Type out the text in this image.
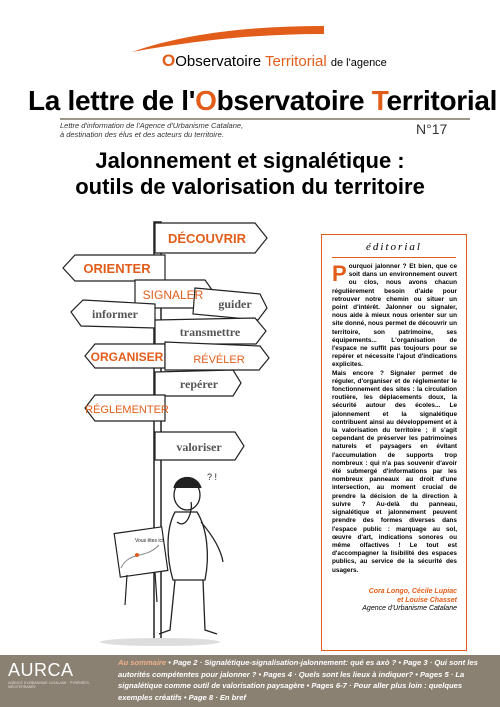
OObservatoire Territorial de l'agence
La lettre de l'Observatoire Territorial
Lettre d'information de l'Agence d'Urbanisme Catalane,
à destination des élus et des acteurs du territoire.	N°17
Jalonnement et signalétique :
outils de valorisation du territoire
DÉCOUVRIR
ORIENTER
SIGNALER
guider
informer
transmettre
ORGANISER	RÉVÉLER
repérer
RÉGLEMENTER
valoriser
? !
Vous êtes ici
éditorial
P ourquoi jalonner ? Et bien, que ce soit dans un environnement ouvert ou clos, nous avons chacun régulièrement besoin d'aide pour retrouver notre chemin ou situer un point d'intérêt. Jalonner ou signaler, nous aide à mieux nous orienter sur un site donné, nous permet de découvrir un territoire, son patrimoine, ses équipements... L'organisation de l'espace ne suffit pas toujours pour se repérer et nécessite l'ajout d'indications explicites.

Mais encore ? Signaler permet de réguler, d'organiser et de réglementer le fonctionnement des sites : la circulation routière, les déplacements doux, la sécurité autour des écoles... Le jalonnement et la signalétique contribuent ainsi au développement et à la valorisation du territoire ; il s'agit cependant de préserver les patrimoines naturels et paysagers en évitant l'accumulation de supports trop nombreux : qui n'a pas souvenir d'avoir été submergé d'informations par les nombreux panneaux au droit d'une intersection, au moment crucial de prendre la décision de la direction à suivre ? Au-delà du panneau, signalétique et jalonnement peuvent prendre des formes diverses dans l'espace public : marquage au sol, œuvre d'art, indications sonores ou même olfactives ! Le tout est d'accompagner la lisibilité des espaces publics, au service de la sécurité des usagers.

Cora Longo, Cécile Lupiac
et Louise Chasset
Agence d'Urbanisme Catalane
AURCA
AGENCE D'URBANISME CATALANE · PYRÉNÉES-MÉDITERRANÉE
Au sommaire • Page 2 · Signalétique-signalisation-jalonnement: qué es axò ? • Page 3 · Qui sont les autorités compétentes pour jalonner ? • Pages 4 · Quels sont les lieux à indiquer? • Pages 5 · La signalétique comme outil de valorisation paysagère • Pages 6-7 · Pour aller plus loin : quelques exemples créatifs • Page 8 · En bref
